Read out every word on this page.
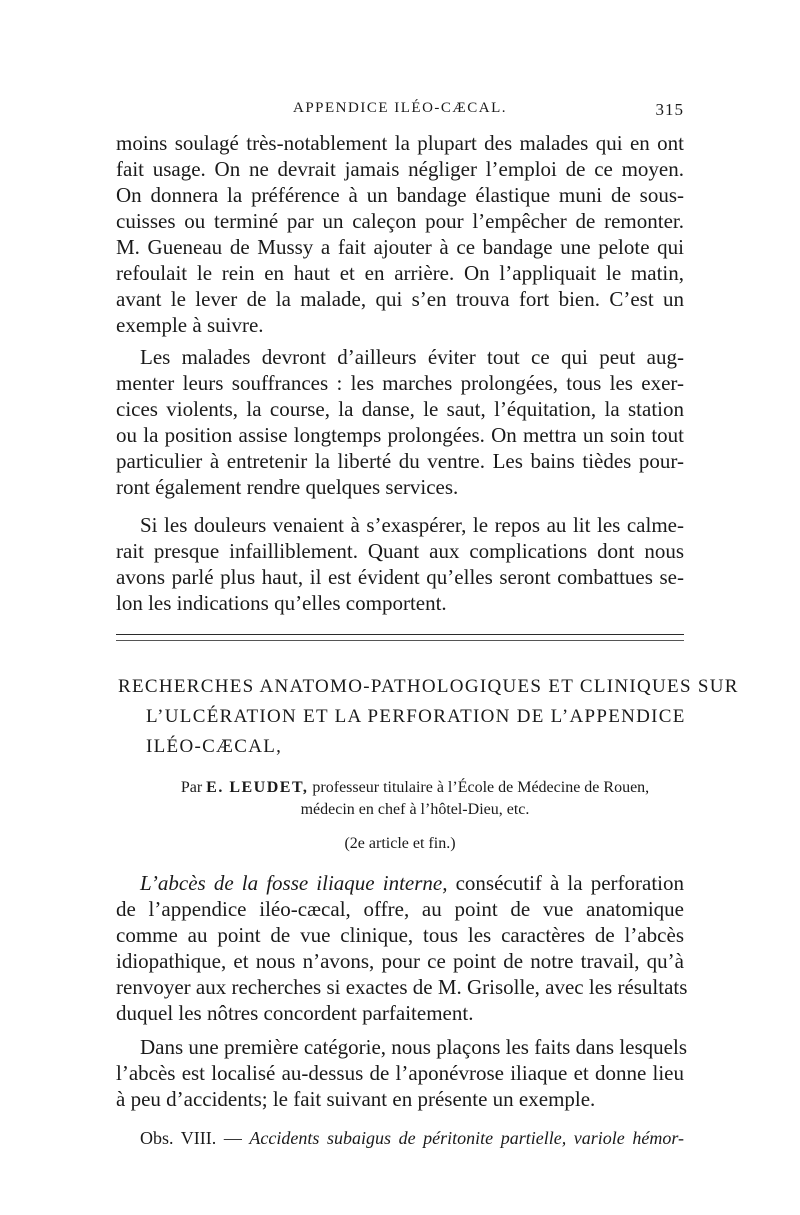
APPENDICE ILÉO-CÆCAL.	315
moins soulagé très-notablement la plupart des malades qui en ont
fait usage. On ne devrait jamais négliger l’emploi de ce moyen.
On donnera la préférence à un bandage élastique muni de sous-
cuisses ou terminé par un caleçon pour l’empêcher de remonter.
M. Gueneau de Mussy a fait ajouter à ce bandage une pelote qui
refoulait le rein en haut et en arrière. On l’appliquait le matin,
avant le lever de la malade, qui s’en trouva fort bien. C’est un
exemple à suivre.
Les malades devront d’ailleurs éviter tout ce qui peut aug-
menter leurs souffrances : les marches prolongées, tous les exer-
cices violents, la course, la danse, le saut, l’équitation, la station
ou la position assise longtemps prolongées. On mettra un soin tout
particulier à entretenir la liberté du ventre. Les bains tièdes pour-
ront également rendre quelques services.
Si les douleurs venaient à s’exaspérer, le repos au lit les calme-
rait presque infailliblement. Quant aux complications dont nous
avons parlé plus haut, il est évident qu’elles seront combattues se-
lon les indications qu’elles comportent.
RECHERCHES ANATOMO-PATHOLOGIQUES ET CLINIQUES SUR
L’ULCÉRATION ET LA PERFORATION DE L’APPENDICE
ILÉO-CÆCAL,
Par E. LEUDET, professeur titulaire à l’École de Médecine de Rouen,
médecin en chef à l’hôtel-Dieu, etc.
(2e article et fin.)
L’abcès de la fosse iliaque interne, consécutif à la perforation
de l’appendice iléo-cæcal, offre, au point de vue anatomique
comme au point de vue clinique, tous les caractères de l’abcès
idiopathique, et nous n’avons, pour ce point de notre travail, qu’à
renvoyer aux recherches si exactes de M. Grisolle, avec les résultats
duquel les nôtres concordent parfaitement.
Dans une première catégorie, nous plaçons les faits dans lesquels
l’abcès est localisé au-dessus de l’aponévrose iliaque et donne lieu
à peu d’accidents; le fait suivant en présente un exemple.
Obs. VIII. — Accidents subaigus de péritonite partielle, variole hémor-
